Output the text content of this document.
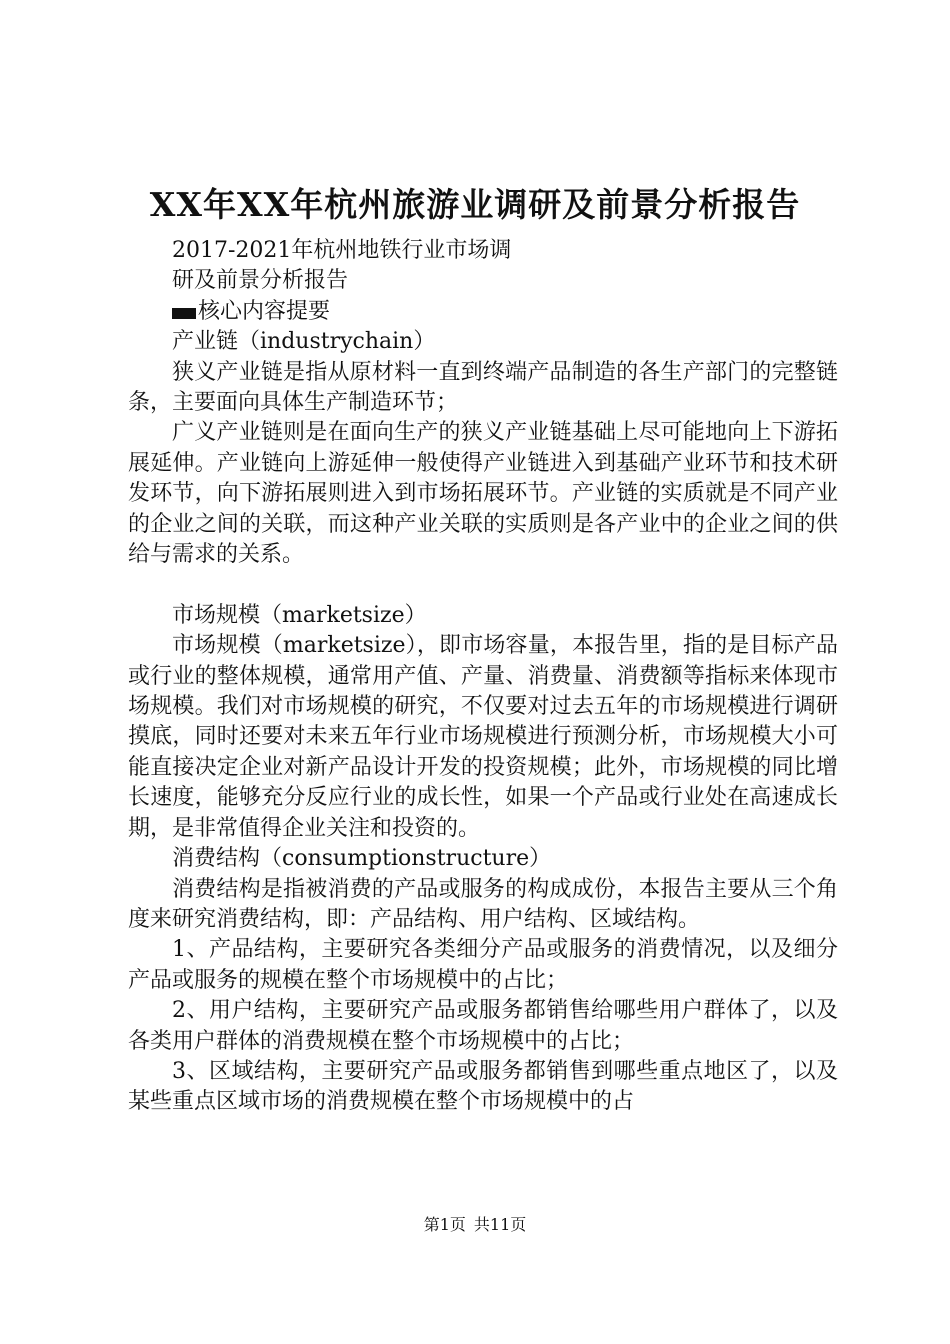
XX年XX年杭州旅游业调研及前景分析报告

2017-2021年杭州地铁行业市场调

研及前景分析报告

核心内容提要

产业链（industrychain）

狭义产业链是指从原材料一直到终端产品制造的各生产部门的完整链条，主要面向具体生产制造环节；

广义产业链则是在面向生产的狭义产业链基础上尽可能地向上下游拓展延伸。产业链向上游延伸一般使得产业链进入到基础产业环节和技术研发环节，向下游拓展则进入到市场拓展环节。产业链的实质就是不同产业的企业之间的关联，而这种产业关联的实质则是各产业中的企业之间的供给与需求的关系。

市场规模（marketsize）

市场规模（marketsize），即市场容量，本报告里，指的是目标产品或行业的整体规模，通常用产值、产量、消费量、消费额等指标来体现市场规模。我们对市场规模的研究，不仅要对过去五年的市场规模进行调研摸底，同时还要对未来五年行业市场规模进行预测分析，市场规模大小可能直接决定企业对新产品设计开发的投资规模；此外，市场规模的同比增长速度，能够充分反应行业的成长性，如果一个产品或行业处在高速成长期，是非常值得企业关注和投资的。

消费结构（consumptionstructure）

消费结构是指被消费的产品或服务的构成成份，本报告主要从三个角度来研究消费结构，即：产品结构、用户结构、区域结构。

1、产品结构，主要研究各类细分产品或服务的消费情况，以及细分产品或服务的规模在整个市场规模中的占比；

2、用户结构，主要研究产品或服务都销售给哪些用户群体了，以及各类用户群体的消费规模在整个市场规模中的占比；

3、区域结构，主要研究产品或服务都销售到哪些重点地区了，以及某些重点区域市场的消费规模在整个市场规模中的占

第1页 共11页
